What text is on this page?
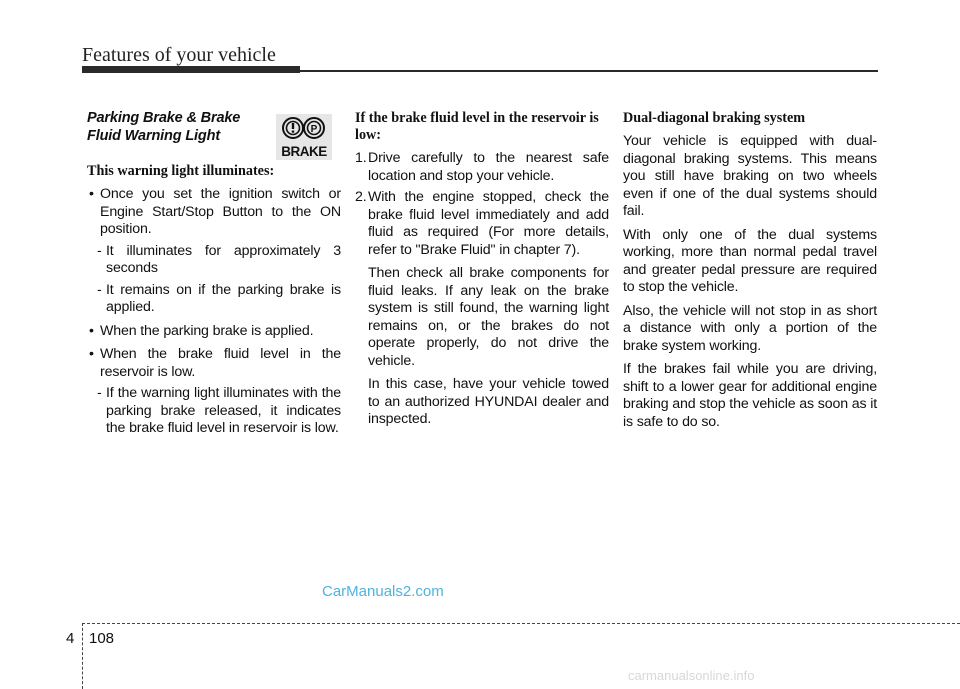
Features of your vehicle

Parking Brake & Brake Fluid Warning Light

This warning light illuminates:

• Once you set the ignition switch or Engine Start/Stop Button to the ON position.
- It illuminates for approximately 3 seconds
- It remains on if the parking brake is applied.
• When the parking brake is applied.
• When the brake fluid level in the reservoir is low.
- If the warning light illuminates with the parking brake released, it indicates the brake fluid level in reservoir is low.
P
BRAKE

If the brake fluid level in the reservoir is low:

1. Drive carefully to the nearest safe location and stop your vehicle.
2. With the engine stopped, check the brake fluid level immediately and add fluid as required (For more details, refer to "Brake Fluid" in chapter 7).

Then check all brake components for fluid leaks. If any leak on the brake system is still found, the warning light remains on, or the brakes do not operate properly, do not drive the vehicle.

In this case, have your vehicle towed to an authorized HYUNDAI dealer and inspected.

Dual-diagonal braking system

Your vehicle is equipped with dual-diagonal braking systems. This means you still have braking on two wheels even if one of the dual systems should fail.

With only one of the dual systems working, more than normal pedal travel and greater pedal pressure are required to stop the vehicle.

Also, the vehicle will not stop in as short a distance with only a portion of the brake system working.

If the brakes fail while you are driving, shift to a lower gear for additional engine braking and stop the vehicle as soon as it is safe to do so.

CarManuals2.com
4 108
carmanualsonline.info
